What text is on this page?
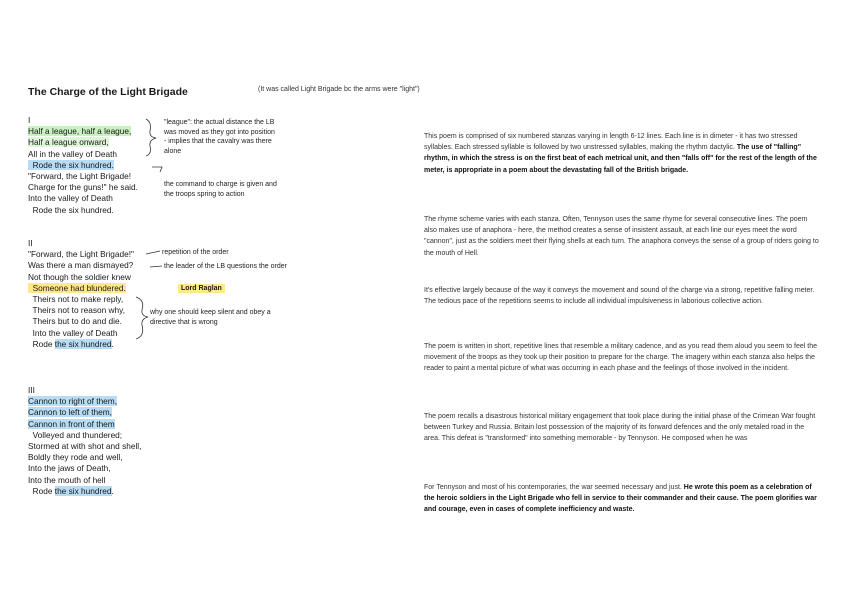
The Charge of the Light Brigade	(It was called Light Brigade bc the arms were "light")
I
Half a league, half a league,
Half a league onward,
All in the valley of Death
Rode the six hundred.
"Forward, the Light Brigade!
Charge for the guns!" he said.
Into the valley of Death
Rode the six hundred.
II
"Forward, the Light Brigade!"
Was there a man dismayed?
Not though the soldier knew
Someone had blundered.
Theirs not to make reply,
Theirs not to reason why,
Theirs but to do and die.
Into the valley of Death
Rode the six hundred.
III
Cannon to right of them,
Cannon to left of them,
Cannon in front of them
Volleyed and thundered;
Stormed at with shot and shell,
Boldly they rode and well,
Into the jaws of Death,
Into the mouth of hell
Rode the six hundred.
"league": the actual distance the LB
was moved as they got into position
- implies that the cavalry was there
alone
the command to charge is given and
the troops spring to action
repetition of the order
the leader of the LB questions the order
Lord Raglan
why one should keep silent and obey a
directive that is wrong
This poem is comprised of six numbered stanzas varying in length 6-12 lines. Each line is in dimeter - it has two stressed syllables. Each stressed syllable is followed by two unstressed syllables, making the rhythm dactylic. The use of "falling" rhythm, in which the stress is on the first beat of each metrical unit, and then "falls off" for the rest of the length of the meter, is appropriate in a poem about the devastating fall of the British brigade.
The rhyme scheme varies with each stanza. Often, Tennyson uses the same rhyme for several consecutive lines. The poem also makes use of anaphora - here, the method creates a sense of insistent assault, at each line our eyes meet the word "cannon", just as the soldiers meet their flying shells at each turn. The anaphora conveys the sense of a group of riders going to the mouth of Hell.
It's effective largely because of the way it conveys the movement and sound of the charge via a strong, repetitive falling meter. The tedious pace of the repetitions seems to include all individual impulsiveness in laborious collective action.
The poem is written in short, repetitive lines that resemble a military cadence, and as you read them aloud you seem to feel the movement of the troops as they took up their position to prepare for the charge. The imagery within each stanza also helps the reader to paint a mental picture of what was occurring in each phase and the feelings of those involved in the incident.
The poem recalls a disastrous historical military engagement that took place during the initial phase of the Crimean War fought between Turkey and Russia. Britain lost possession of the majority of its forward defences and the only metaled road in the area. This defeat is "transformed" into something memorable - by Tennyson. He composed when he was
For Tennyson and most of his contemporaries, the war seemed necessary and just. He wrote this poem as a celebration of the heroic soldiers in the Light Brigade who fell in service to their commander and their cause. The poem glorifies war and courage, even in cases of complete inefficiency and waste.
